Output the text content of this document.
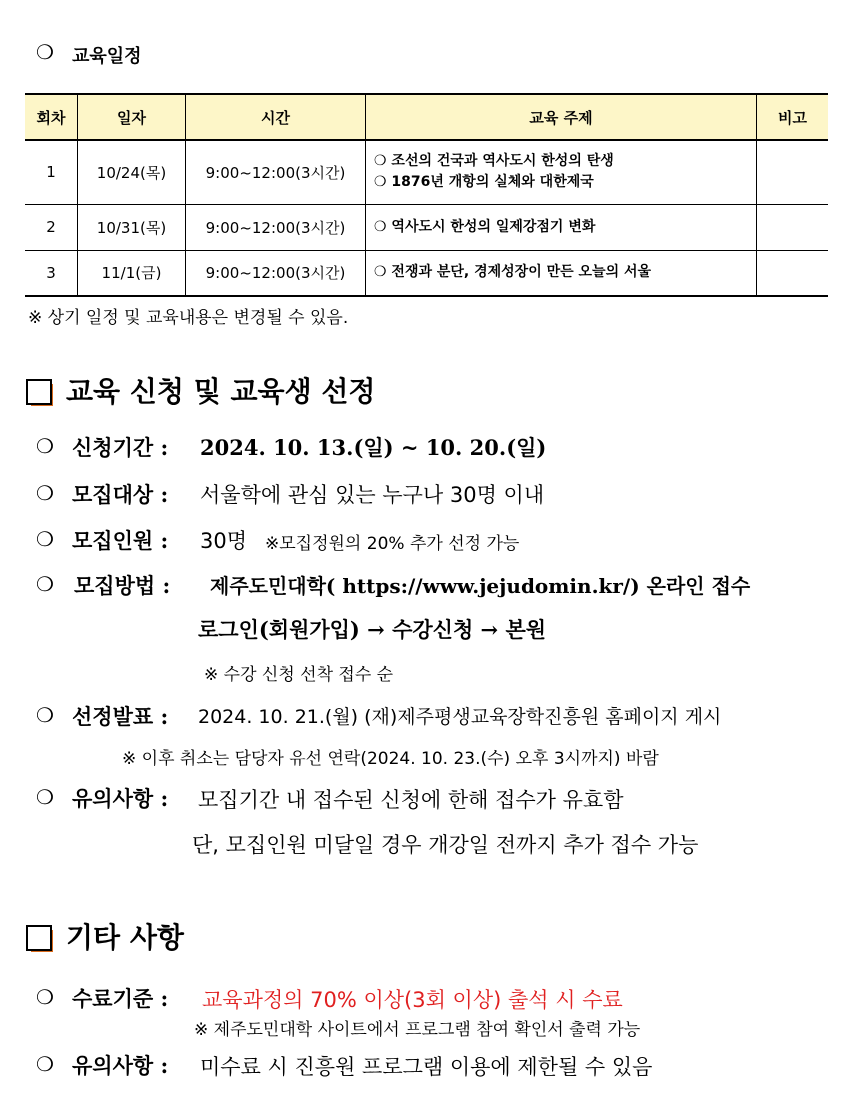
❍ 교육일정
회차	일자	시간	교육 주제	비고
1	10/24(목)	9:00~12:00(3시간)	❍ 조선의 건국과 역사도시 한성의 탄생
❍ 1876년 개항의 실체와 대한제국	

2	10/31(목)	9:00~12:00(3시간)	❍ 역사도시 한성의 일제강점기 변화	

3	11/1(금)	9:00~12:00(3시간)	❍ 전쟁과 분단, 경제성장이 만든 오늘의 서울	

※ 상기 일정 및 교육내용은 변경될 수 있음.
교육 신청 및 교육생 선정
❍ 신청기간 : 2024. 10. 13.(일) ~ 10. 20.(일)
❍ 모집대상 : 서울학에 관심 있는 누구나 30명 이내
❍ 모집인원 : 30명 ※모집정원의 20% 추가 선정 가능
❍ 모집방법 : 제주도민대학( https://www.jejudomin.kr/) 온라인 접수
로그인(회원가입) → 수강신청 → 본원
※ 수강 신청 선착 접수 순
❍ 선정발표 : 2024. 10. 21.(월) (재)제주평생교육장학진흥원 홈페이지 게시
※ 이후 취소는 담당자 유선 연락(2024. 10. 23.(수) 오후 3시까지) 바람
❍ 유의사항 : 모집기간 내 접수된 신청에 한해 접수가 유효함
단, 모집인원 미달일 경우 개강일 전까지 추가 접수 가능
기타 사항
❍ 수료기준 : 교육과정의 70% 이상(3회 이상) 출석 시 수료
※ 제주도민대학 사이트에서 프로그램 참여 확인서 출력 가능
❍ 유의사항 : 미수료 시 진흥원 프로그램 이용에 제한될 수 있음
